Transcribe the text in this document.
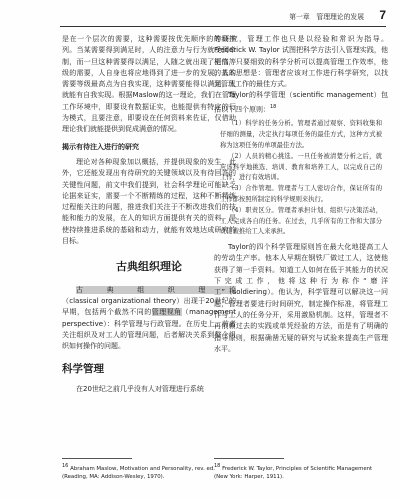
第一章　管理理论的发展 7

是在一个层次的需要，这种需要按优先顺序的等级排列。当某需要得到满足时，人的注意力与行为就受到牵制，而一旦这种需要得以满足，人随之就出现了更高等级的需要，人自身也将应地得到了进一步的发展，人的需要等级最高点为自我实现，这种需要能得以满足，人就能有自我实现。根据Maslow的这一理论，我们在管理工作环境中，即要设有数据证实，也能提供有特定的行为模式，且要注意，即要设在任何资料来佐证，仅借助理论我们就能提供到促成满意的情况。

揭示有待注入进行的研究

理论对各种现象加以概括，并提供现象的发生，此外，它还能发现出有待研究的关键领域以及有待回答的关键性问题，前文中我们提到，社会科学理论可能缺乏论据来证实，需要一个不断精练的过程，这种不断精练过程能关注的问题，推进我们关注于不断改进我们的技能和能力的发展，在人的知识方面提供有关的资料，是使持续推进系统的基础和动力，就能有效地达成研究的目标。

古典组织理论

古典组织理论（classical organizational theory）出现于20世纪的早期，包括两个截然不同的管理视角（management perspective）：科学管理与行政管理。在历史上，前者关注组织及对工人的管理问题，后者解决关系到整个组织如何操作的问题。

科学管理

在20世纪之前几乎没有人对管理进行系统

的研究，管理工作也只是以经验和常识为指导。Frederick W. Taylor 试图把科学方法引入管理实践，他相信，只要细致的科学分析可以提高管理工作效率，他的基本思想是：管理者应该对工作进行科学研究，以找到管理工作的最佳方式。

Taylor的科学管理（scientific management）包括以下四个原则：$^{18}$

（1）科学的任务分析。管理者通过观察、资料收集和仔细的测量，决定执行每项任务的最佳方式，这种方式被称为这项任务的单项最佳方法。
（2）人员的精心挑选。一旦任务被清楚分析之后，就应该科学地挑选、培训、教育和培养工人，以完成自己的工作，进行有效培训。
（3）合作管理。管理者与工人密切合作，保证所有的工作都按照所制定的科学规则来执行。
（4）职责区分。管理者承担计划、组织与决策活动，工人完成各自的任务。在过去，几乎所有的工作和大部分责任被推给工人来承担。

Taylor的四个科学管理原则旨在最大化地提高工人的劳动生产率。他本人早期在钢铁厂做过工人，这使他获得了第一手资料。知道工人如何在低于其能力的状况下完成工作，他将这种行为称作“磨洋工”（soldiering）。他认为，科学管理可以解决这一问题，管理者要进行时间研究，制定操作标准，将管理工作与工人的任务分开，采用激励机制。这样，管理者不再依赖过去的实践或单凭经验的方法，而是有了明确的指导原则，根据确凿无疑的研究与试验来提高生产管理水平。

$^{16}$ Abraham Maslow, Motivation and Personality, rev. ed. (Reading, MA: Addison-Wesley, 1970).
$^{18}$ Frederick W. Taylor, Principles of Scientific Management (New York: Harper, 1911).
